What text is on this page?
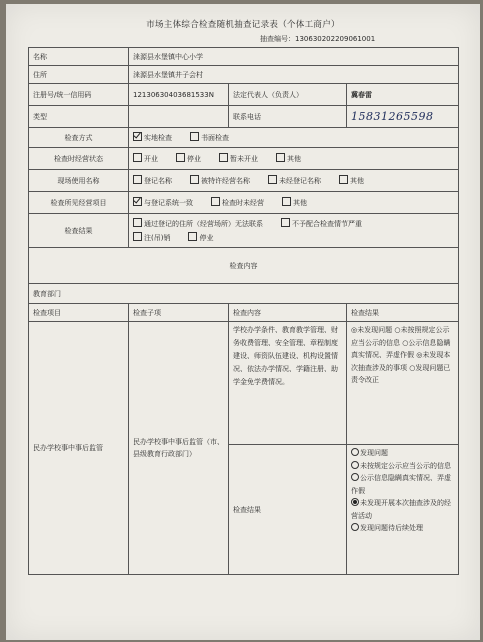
市场主体综合检查随机抽查记录表（个体工商户）
抽查编号：130630202209061001
名称	涞源县水堡镇中心小学		
住所	涞源县水堡镇井子会村		
注册号/统一信用码	12130630403681533N	法定代表人（负责人）	冀春雷
类型		联系电话	15831265598
检查方式	实地检查 书面检查		
检查时经营状态	开业 停业 暂未开业 其他		
现场使用名称	登记名称 被特许经营名称 未经登记名称 其他		
检查所见经营项目	与登记系统一致 检查时未经营 其他		
检查结果	通过登记的住所（经营场所）无法联系 不予配合检查情节严重
注(吊)销 停业		

检查内容			
教育部门			
检查项目	检查子项	检查内容	检查结果
民办学校事中事后监管	民办学校事中事后监管（市、县级教育行政部门）	学校办学条件、教育教学管理、财务收费管理、安全管理、章程制度建设、师资队伍建设、机构设置情况、依法办学情况、学籍注册、助学金免学费情况。	◎未发现问题 ○未按照规定公示应当公示的信息 ○公示信息隐瞒真实情况、弄虚作假 ◎未发现本次抽查涉及的事项 ○发现问题已责令改正
		检查结果	发现问题
未按规定公示应当公示的信息
公示信息隐瞒真实情况、弄虚作假
未发现开展本次抽查涉及的经营活动
发现问题待后续处理
